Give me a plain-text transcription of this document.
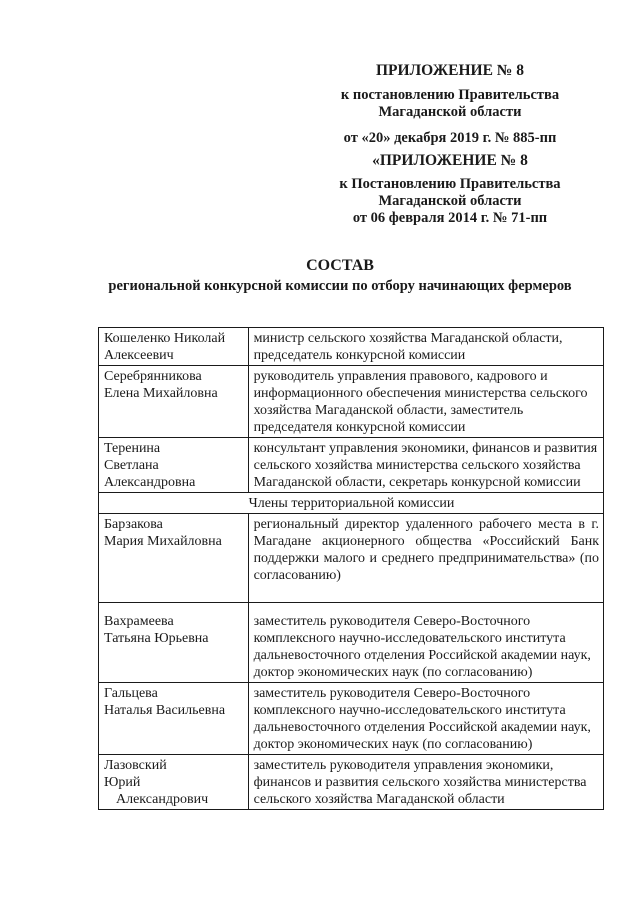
ПРИЛОЖЕНИЕ № 8
к постановлению Правительства
Магаданской области
от «20» декабря 2019 г. № 885-пп
«ПРИЛОЖЕНИЕ № 8
к Постановлению Правительства
Магаданской области
от 06 февраля 2014 г. № 71-пп
СОСТАВ
региональной конкурсной комиссии по отбору начинающих фермеров
Кошеленко Николай
Алексеевич	министр сельского хозяйства Магаданской области, председатель конкурсной комиссии

Серебрянникова
Елена Михайловна	руководитель управления правового, кадрового и информационного обеспечения министерства сельского хозяйства Магаданской области, заместитель председателя конкурсной комиссии

Теренина
Светлана
Александровна	консультант управления экономики, финансов и развития сельского хозяйства министерства сельского хозяйства Магаданской области, секретарь конкурсной комиссии
Члены территориальной комиссии	

Барзакова
Мария Михайловна	региональный директор удаленного рабочего места в г. Магадане акционерного общества «Российский Банк поддержки малого и среднего предпринимательства» (по согласованию)

Вахрамеева
Татьяна Юрьевна	заместитель руководителя Северо-Восточного комплексного научно-исследовательского института дальневосточного отделения Российской академии наук, доктор экономических наук (по согласованию)

Гальцева
Наталья Васильевна	заместитель руководителя Северо-Восточного комплексного научно-исследовательского института дальневосточного отделения Российской академии наук, доктор экономических наук (по согласованию)

Лазовский
Юрий
Александрович	заместитель руководителя управления экономики, финансов и развития сельского хозяйства министерства сельского хозяйства Магаданской области
